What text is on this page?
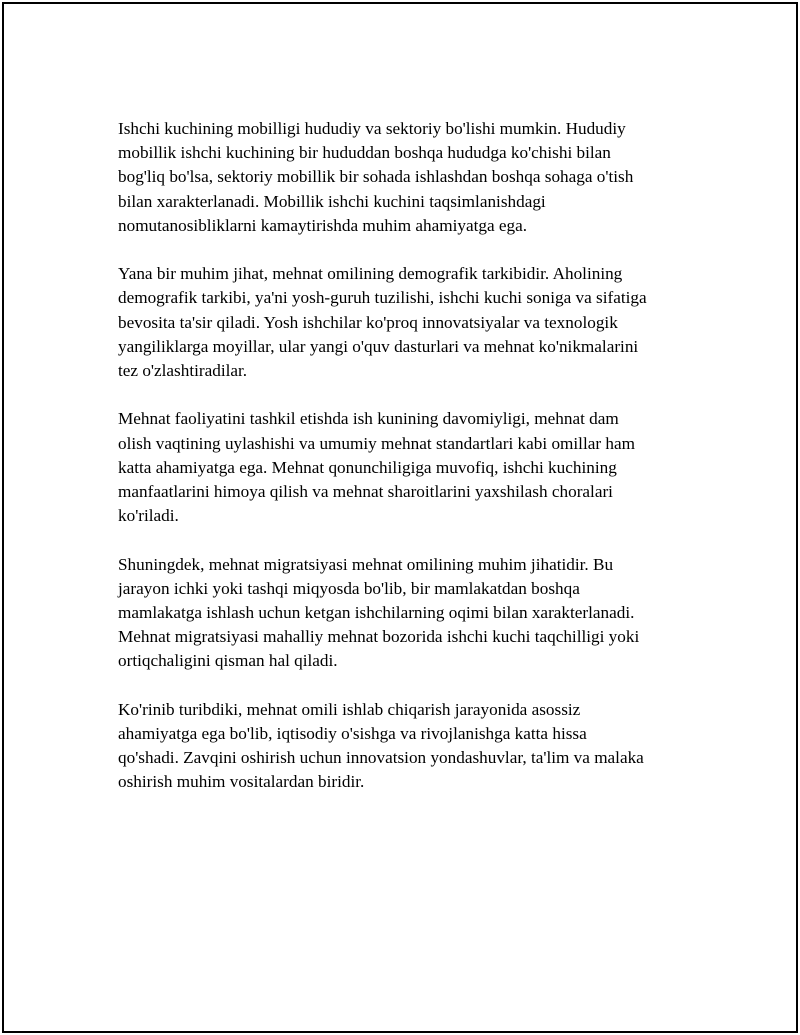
Ishchi kuchining mobilligi hududiy va sektoriy bo'lishi mumkin. Hududiy
mobillik ishchi kuchining bir hududdan boshqa hududga ko'chishi bilan
bog'liq bo'lsa, sektoriy mobillik bir sohada ishlashdan boshqa sohaga o'tish
bilan xarakterlanadi. Mobillik ishchi kuchini taqsimlanishdagi
nomutanosibliklarni kamaytirishda muhim ahamiyatga ega.

Yana bir muhim jihat, mehnat omilining demografik tarkibidir. Aholining
demografik tarkibi, ya'ni yosh-guruh tuzilishi, ishchi kuchi soniga va sifatiga
bevosita ta'sir qiladi. Yosh ishchilar ko'proq innovatsiyalar va texnologik
yangiliklarga moyillar, ular yangi o'quv dasturlari va mehnat ko'nikmalarini
tez o'zlashtiradilar.

Mehnat faoliyatini tashkil etishda ish kunining davomiyligi, mehnat dam
olish vaqtining uylashishi va umumiy mehnat standartlari kabi omillar ham
katta ahamiyatga ega. Mehnat qonunchiligiga muvofiq, ishchi kuchining
manfaatlarini himoya qilish va mehnat sharoitlarini yaxshilash choralari
ko'riladi.

Shuningdek, mehnat migratsiyasi mehnat omilining muhim jihatidir. Bu
jarayon ichki yoki tashqi miqyosda bo'lib, bir mamlakatdan boshqa
mamlakatga ishlash uchun ketgan ishchilarning oqimi bilan xarakterlanadi.
Mehnat migratsiyasi mahalliy mehnat bozorida ishchi kuchi taqchilligi yoki
ortiqchaligini qisman hal qiladi.

Ko'rinib turibdiki, mehnat omili ishlab chiqarish jarayonida asossiz
ahamiyatga ega bo'lib, iqtisodiy o'sishga va rivojlanishga katta hissa
qo'shadi. Zavqini oshirish uchun innovatsion yondashuvlar, ta'lim va malaka
oshirish muhim vositalardan biridir.
